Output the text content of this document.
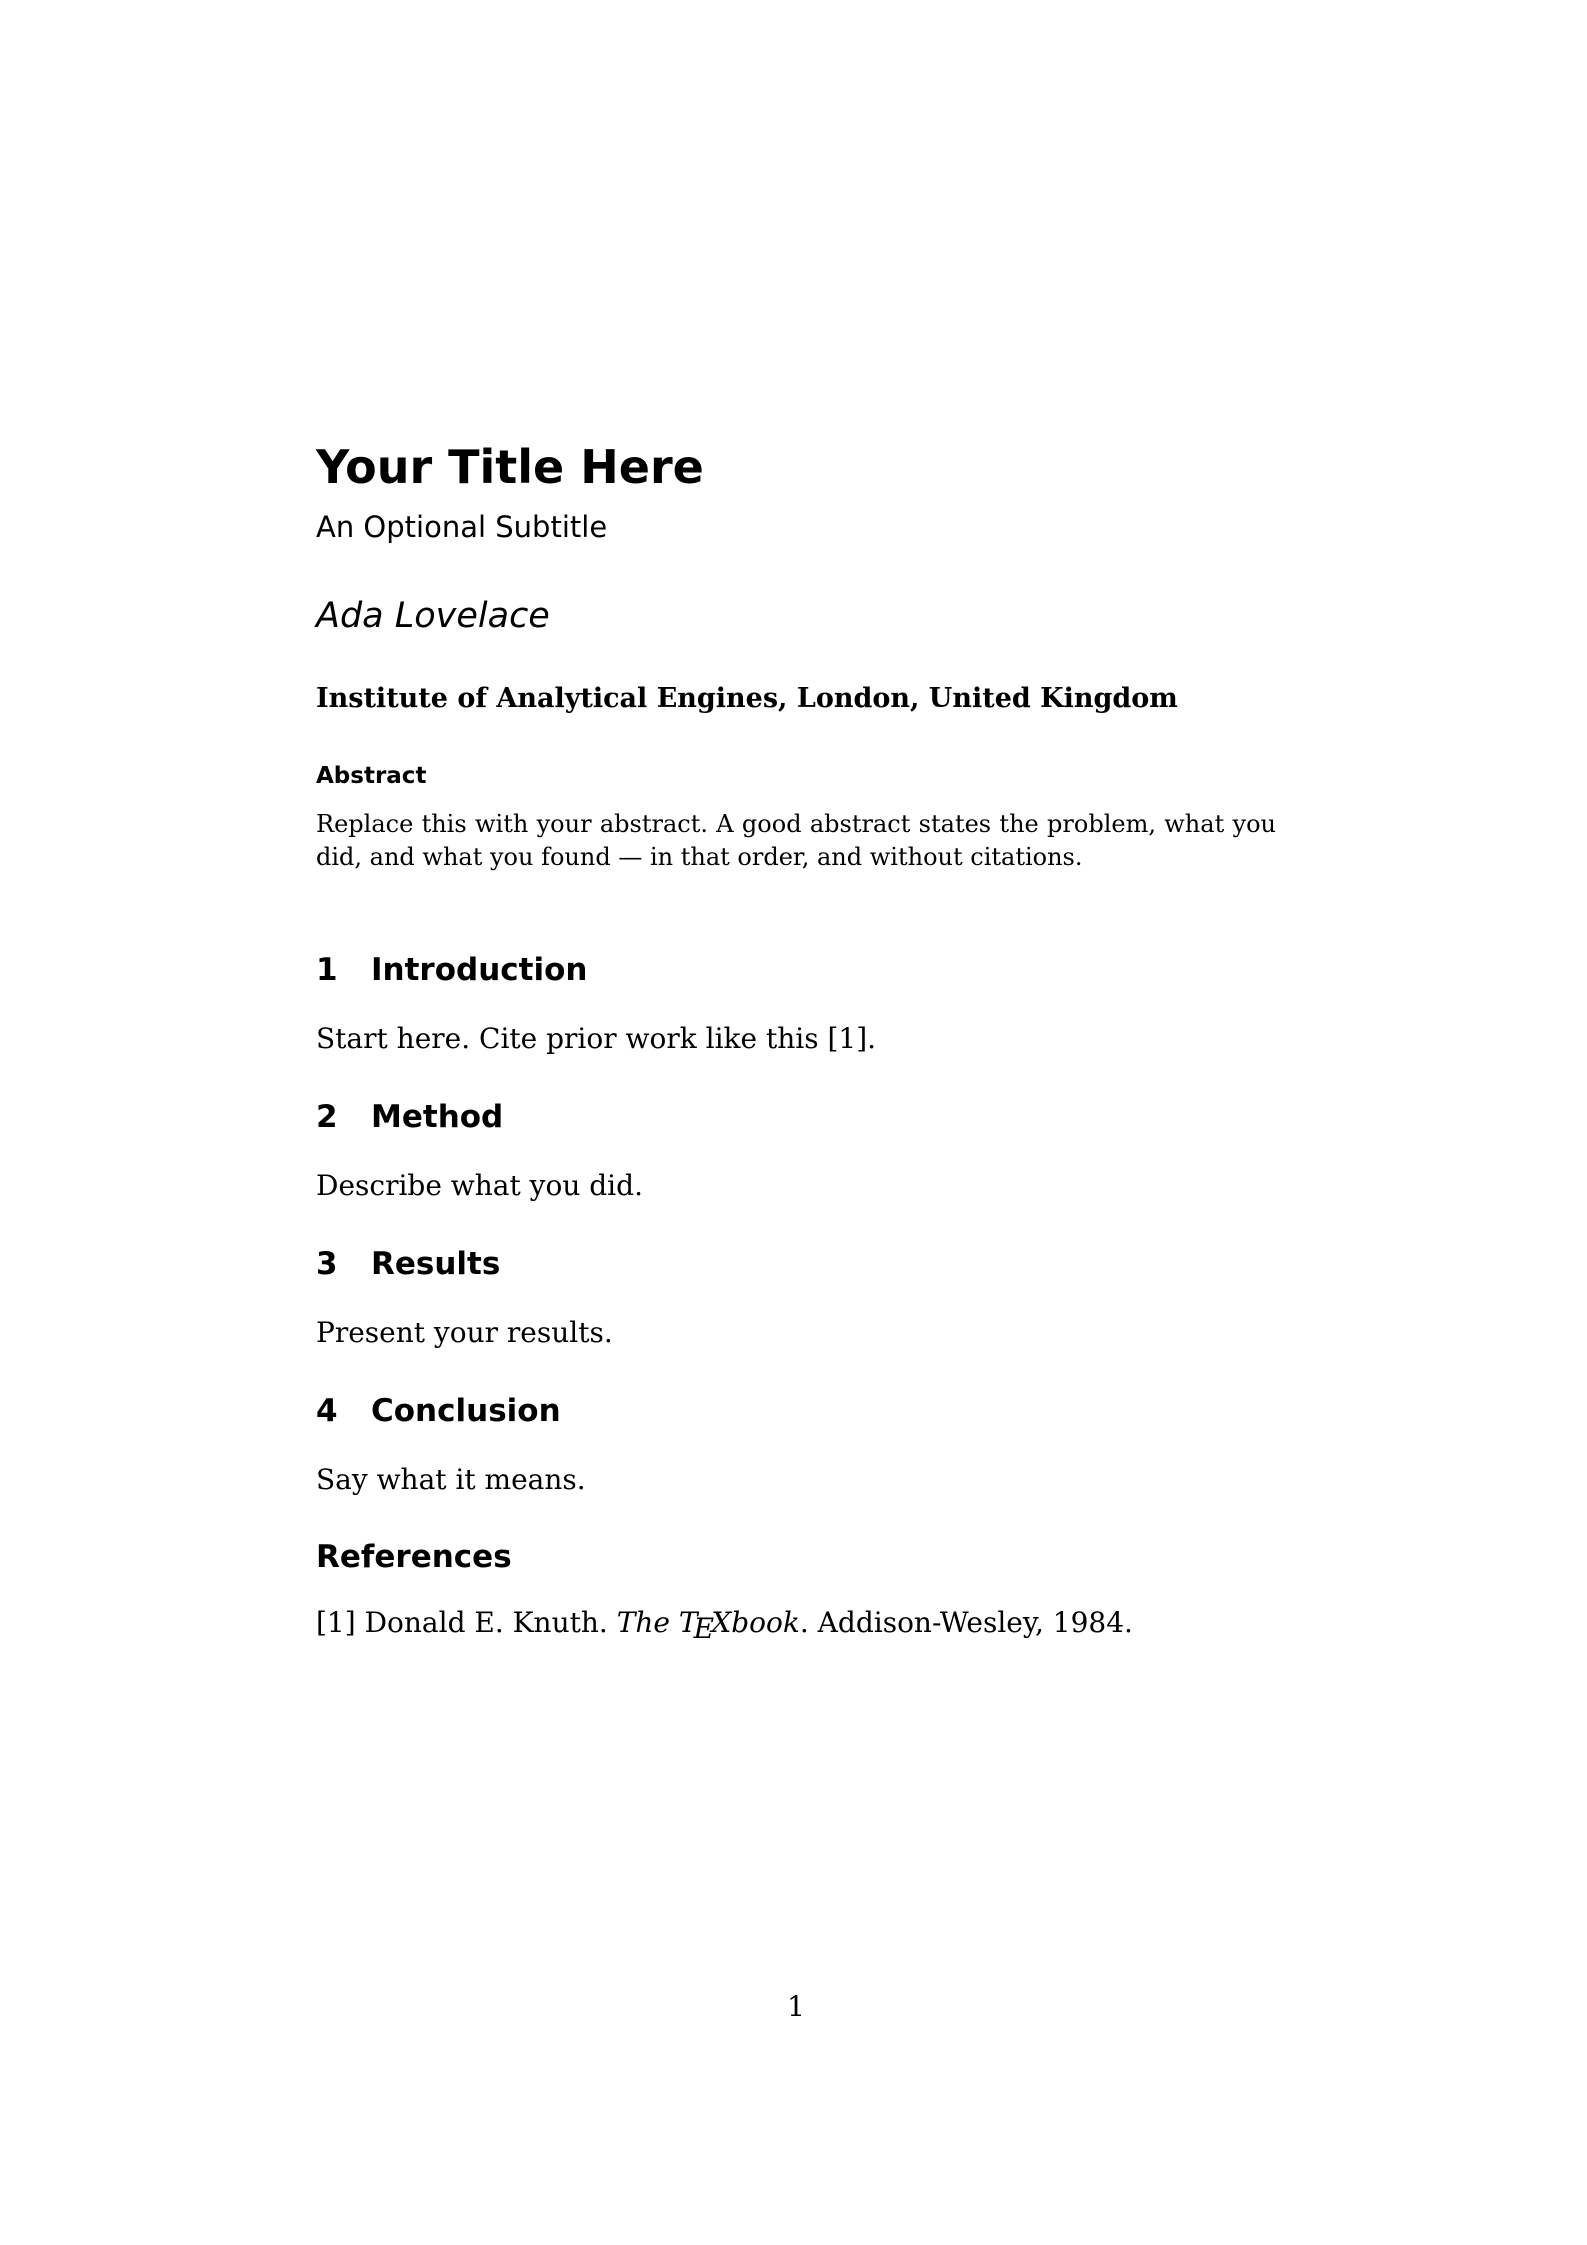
Your Title Here
An Optional Subtitle
Ada Lovelace
Institute of Analytical Engines, London, United Kingdom
Abstract

Replace this with your abstract. A good abstract states the problem, what you did, and what you found — in that order, and without citations.

1 Introduction

Start here. Cite prior work like this [1].

2 Method

Describe what you did.

3 Results

Present your results.

4 Conclusion

Say what it means.

References

[1] Donald E. Knuth. The TEXbook. Addison-Wesley, 1984.

1
